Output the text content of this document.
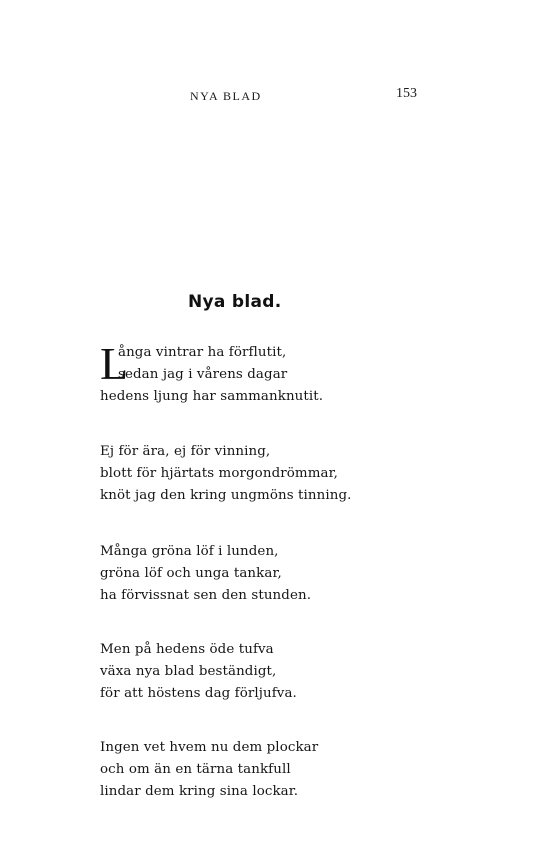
NYA BLAD	153
Nya blad.
L
ånga vintrar ha förflutit,
sedan jag i vårens dagar
hedens ljung har sammanknutit.
Ej för ära, ej för vinning,
blott för hjärtats morgondrömmar,
knöt jag den kring ungmöns tinning.
Många gröna löf i lunden,
gröna löf och unga tankar,
ha förvissnat sen den stunden.
Men på hedens öde tufva
växa nya blad beständigt,
för att höstens dag förljufva.
Ingen vet hvem nu dem plockar
och om än en tärna tankfull
lindar dem kring sina lockar.
